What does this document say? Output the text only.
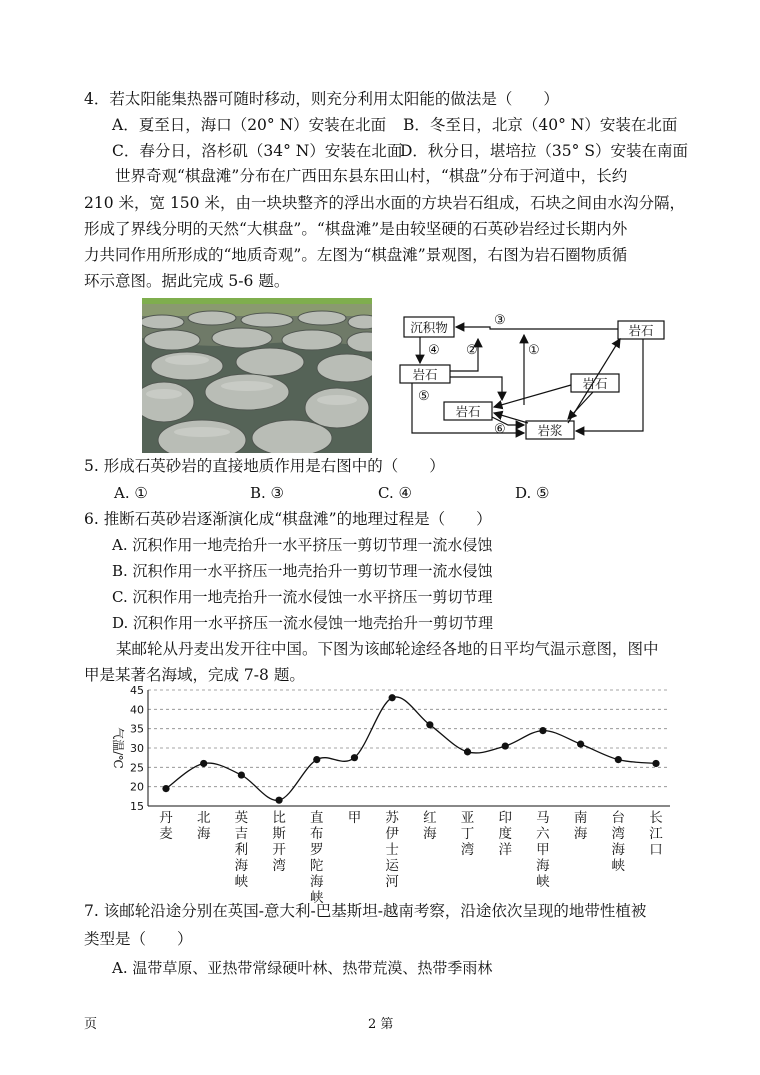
4．若太阳能集热器可随时移动，则充分利用太阳能的做法是（　　）
A．夏至日，海口（20° N）安装在北面 B．冬至日，北京（40° N）安装在北面
C．春分日，洛杉矶（34° N）安装在北面
D．秋分日，堪培拉（35° S）安装在南面
世界奇观“棋盘滩”分布在广西田东县东田山村，“棋盘”分布于河道中，长约
210 米，宽 150 米，由一块块整齐的浮出水面的方块岩石组成，石块之间由水沟分隔，
形成了界线分明的天然“大棋盘”。“棋盘滩”是由较坚硬的石英砂岩经过长期内外
力共同作用所形成的“地质奇观”。左图为“棋盘滩”景观图，右图为岩石圈物质循
环示意图。据此完成 5-6 题。
沉积物
岩石
岩石
岩石
岩石
岩浆
①
②
③
④
⑤
⑥
5. 形成石英砂岩的直接地质作用是右图中的（　　）
A. ①	B. ③	C. ④	D. ⑤
6. 推断石英砂岩逐渐演化成“棋盘滩”的地理过程是（　　）
A. 沉积作用一地壳抬升一水平挤压一剪切节理一流水侵蚀
B. 沉积作用一水平挤压一地壳抬升一剪切节理一流水侵蚀
C. 沉积作用一地壳抬升一流水侵蚀一水平挤压一剪切节理
D. 沉积作用一水平挤压一流水侵蚀一地壳抬升一剪切节理
某邮轮从丹麦出发开往中国。下图为该邮轮途经各地的日平均气温示意图，图中
甲是某著名海域，完成 7-8 题。
15
20
25
30
35
40
45
气温/℃
丹麦
北海
英吉利海峡
比斯开湾
直布罗陀海峡
甲 苏伊士运河
红海
亚丁湾
印度洋
马六甲海峡
南海
台湾海峡
长江口
7. 该邮轮沿途分别在英国-意大利-巴基斯坦-越南考察，沿途依次呈现的地带性植被
类型是（　　）
A. 温带草原、亚热带常绿硬叶林、热带荒漠、热带季雨林
页	2 第
